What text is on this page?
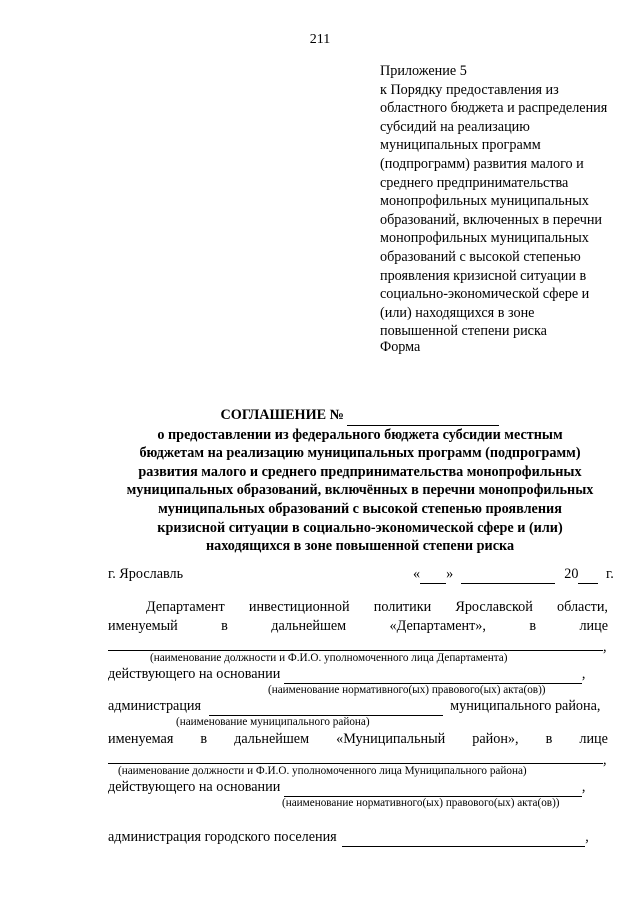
211
Приложение 5
к Порядку предоставления из
областного бюджета и распределения
субсидий на реализацию
муниципальных программ
(подпрограмм) развития малого и
среднего предпринимательства
монопрофильных муниципальных
образований, включенных в перечни
монопрофильных муниципальных
образований с высокой степенью
проявления кризисной ситуации в
социально-экономической сфере и
(или) находящихся в зоне
повышенной степени риска
Форма
СОГЛАШЕНИЕ №
о предоставлении из федерального бюджета субсидии местным
бюджетам на реализацию муниципальных программ (подпрограмм)
развития малого и среднего предпринимательства монопрофильных
муниципальных образований, включённых в перечни монопрофильных
муниципальных образований с высокой степенью проявления
кризисной ситуации в социально-экономической сфере и (или)
находящихся в зоне повышенной степени риска
г. Ярославль	« »	20 г.
Департамент инвестиционной политики Ярославской области,
именуемый	в	дальнейшем	«Департамент»,	в	лице
,
(наименование должности и Ф.И.О. уполномоченного лица Департамента)
действующего на основании	,
(наименование нормативного(ых) правового(ых) акта(ов))
администрация	муниципального района,
(наименование муниципального района)
именуемая в дальнейшем «Муниципальный район», в лице
,
(наименование должности и Ф.И.О. уполномоченного лица Муниципального района)
действующего на основании	,
(наименование нормативного(ых) правового(ых) акта(ов))
администрация городского поселения	,
